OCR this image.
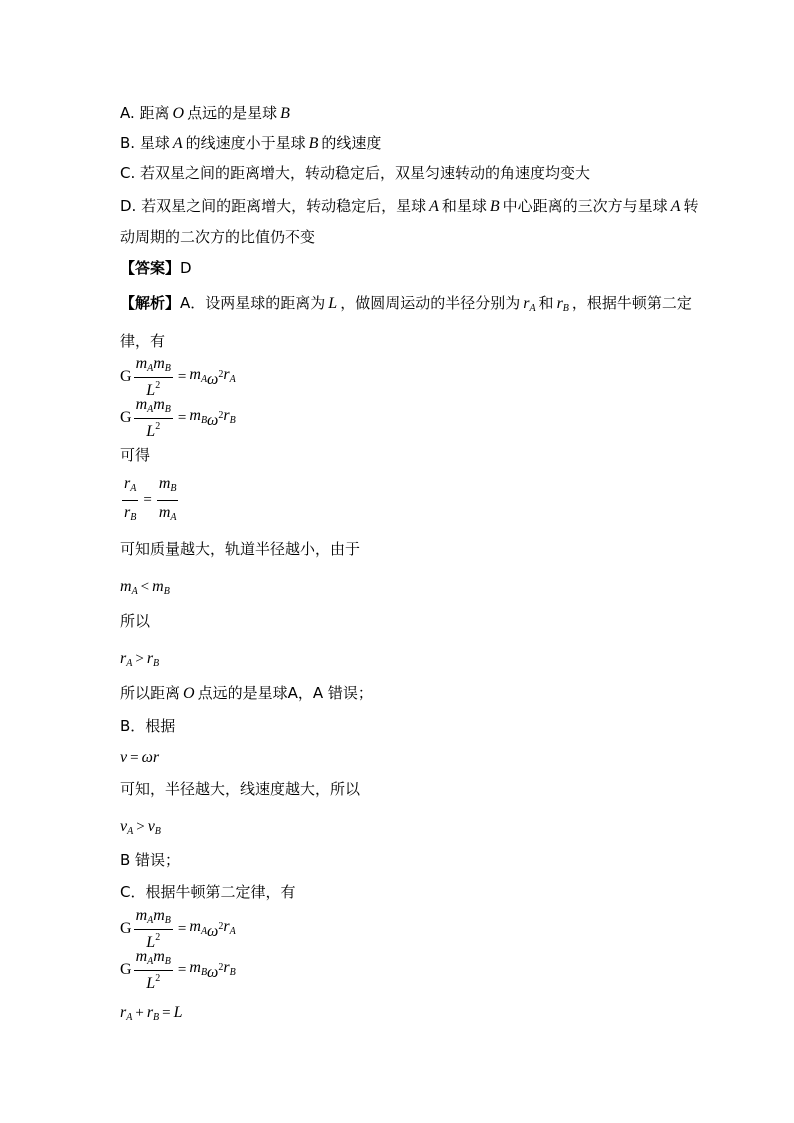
A. 距离 O 点远的是星球 B
B. 星球 A 的线速度小于星球 B 的线速度
C. 若双星之间的距离增大，转动稳定后，双星匀速转动的角速度均变大
D. 若双星之间的距离增大，转动稳定后，星球 A 和星球 B 中心距离的三次方与星球 A 转
动周期的二次方的比值仍不变
【答案】D
【解析】A．设两星球的距离为 L ，做圆周运动的半径分别为 $r_A$ 和 $r_B$ ，根据牛顿第二定
律，有
G $\frac{m_Am_B}{L^2} = m_A$ $\omega^2$ $r_A$
G $\frac{m_Am_B}{L^2} = m_B$ $\omega^2$ $r_B$
可得
$\frac{r_A}{r_B} = \frac{m_B}{m_A}$
可知质量越大，轨道半径越小，由于
$m_A < m_B$
所以
$r_A > r_B$
所以距离 O 点远的是星球A，A 错误；
B．根据
v = ωr
可知，半径越大，线速度越大，所以
$v_A > v_B$
B 错误；
C．根据牛顿第二定律，有
G $\frac{m_Am_B}{L^2} = m_A$ $\omega^2$ $r_A$
G $\frac{m_Am_B}{L^2} = m_B$ $\omega^2$ $r_B$
$r_A + r_B = L$
